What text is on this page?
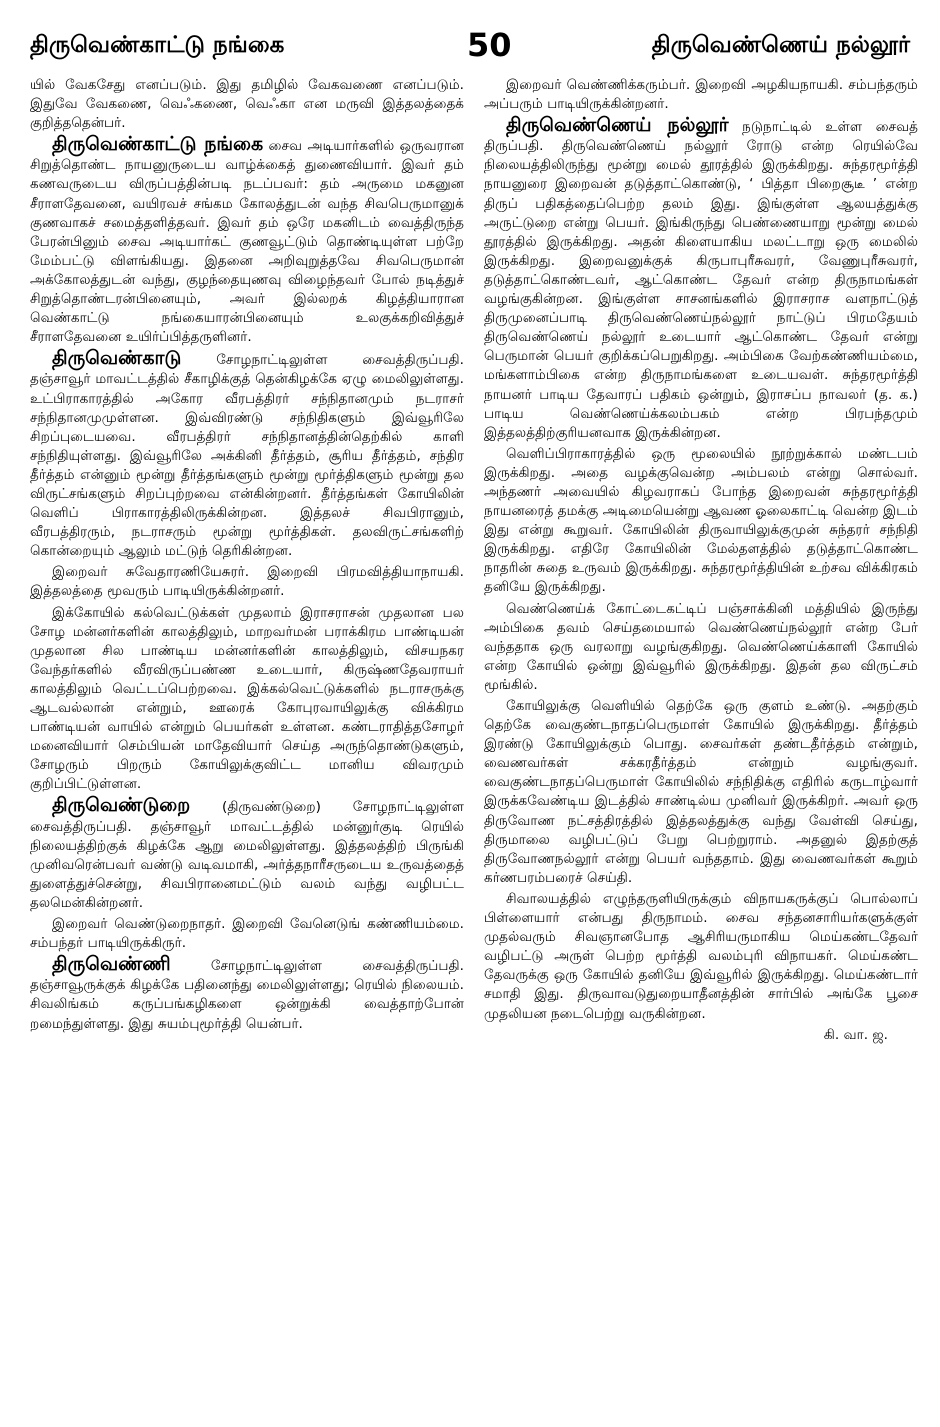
திருவெண்காட்டு நங்கை	50	திருவெண்ணெய் நல்லூர்

யில் வேகசேது எனப்படும். இது தமிழில் வேகவணை எனப்படும். இதுவே வேகணை, வெஃகணை, வெஃகா என மருவி இத்தலத்தைக் குறித்ததென்பர்.

திருவெண்காட்டு நங்கை சைவ அடியார்களில் ஒருவரான சிறுத்தொண்ட நாயனுருடைய வாழ்க்கைத் துணைவியார். இவர் தம் கணவருடைய விருப்பத்தின்படி நடப்பவர்: தம் அருமை மகனுன சீராளதேவனை, வயிரவச் சங்கம கோலத்துடன் வந்த சிவபெருமானுக் குணவாகச் சமைத்தளித்தவர். இவர் தம் ஒரே மகனிடம் வைத்திருந்த பேரன்பினும் சைவ அடியார்கட் குணவூட்டும் தொண்டியுள்ள பற்றே மேம்பட்டு விளங்கியது. இதனை அறிவுறுத்தவே சிவபெருமான் அக்கோலத்துடன் வந்து, குழந்தையுணவு விழைந்தவர் போல் நடித்துச் சிறுத்தொண்டரன்பினையும், அவர் இல்லறக் கிழத்தியாரான வெண்காட்டு நங்கையாரன்பினையும் உலகுக்கறிவித்துச் சீராளதேவனை உயிர்ப்பித்தருளினர்.

திருவெண்காடு சோழநாட்டிலுள்ள சைவத்திருப்பதி. தஞ்சாவூர் மாவட்டத்தில் சீகாழிக்குத் தென்கிழக்கே ஏழு மைலிலுள்ளது. உட்பிராகாரத்தில் அகோர வீரபத்திரர் சந்நிதானமும் நடராசர் சந்நிதானமுமுள்ளன. இவ்விரண்டு சந்நிதிகளும் இவ்வூரிலே சிறப்புடையவை. வீரபத்திரர் சந்நிதானத்தின்தெற்கில் காளி சந்நிதியுள்ளது. இவ்வூரிலே அக்கினி தீர்த்தம், சூரிய தீர்த்தம், சந்திர தீர்த்தம் என்னும் மூன்று தீர்த்தங்களும் மூன்று மூர்த்திகளும் மூன்று தல விருட்சங்களும் சிறப்புற்றவை என்கின்றனர். தீர்த்தங்கள் கோயிலின் வெளிப் பிராகாரத்திலிருக்கின்றன. இத்தலச் சிவபிரானும், வீரபத்திரரும், நடராசரும் மூன்று மூர்த்திகள். தலவிருட்சங்களிற் கொன்றையும் ஆலும் மட்டுந் தெரிகின்றன.

இறைவர் சுவேதாரணியேசுரர். இறைவி பிரமவித்தியாநாயகி. இத்தலத்தை மூவரும் பாடியிருக்கின்றனர்.

இக்கோயில் கல்வெட்டுக்கள் முதலாம் இராசராசன் முதலான பல சோழ மன்னர்களின் காலத்திலும், மாறவர்மன் பராக்கிரம பாண்டியன் முதலான சில பாண்டிய மன்னர்களின் காலத்திலும், விசயநகர வேந்தர்களில் வீரவிருப்பண்ண உடையார், கிருஷ்ணதேவராயர் காலத்திலும் வெட்டப்பெற்றவை. இக்கல்வெட்டுக்களில் நடராசருக்கு ஆடவல்லான் என்றும், ஊரைக் கோபுரவாயிலுக்கு விக்கிரம பாண்டியன் வாயில் என்றும் பெயர்கள் உள்ளன. கண்டராதித்தசோழர் மனைவியார் செம்பியன் மாதேவியார் செய்த அருந்தொண்டுகளும், சோழரும் பிறரும் கோயிலுக்குவிட்ட மானிய விவரமும் குறிப்பிட்டுள்ளன.

திருவெண்டுறை (திருவண்டுறை) சோழநாட்டிலுள்ள சைவத்திருப்பதி. தஞ்சாவூர் மாவட்டத்தில் மன்னுர்குடி ரெயில் நிலையத்திற்குக் கிழக்கே ஆறு மைலிலுள்ளது. இத்தலத்திற் பிருங்கி முனிவரென்பவர் வண்டு வடிவமாகி, அர்த்தநாரீசருடைய உருவத்தைத் துளைத்துச்சென்று, சிவபிரானைமட்டும் வலம் வந்து வழிபட்ட தலமென்கின்றனர்.

இறைவர் வெண்டுறைநாதர். இறைவி வேனெடுங் கண்ணியம்மை. சம்பந்தர் பாடியிருக்கிருர்.

திருவெண்ணி சோழநாட்டிலுள்ள சைவத்திருப்பதி. தஞ்சாவூருக்குக் கிழக்கே பதினைந்து மைலிலுள்ளது; ரெயில் நிலையம். சிவலிங்கம் கருப்பங்கழிகளை ஒன்றுக்கி வைத்தாற்போன் றமைந்துள்ளது. இது சுயம்புமூர்த்தி யென்பர்.

இறைவர் வெண்ணிக்கரும்பர். இறைவி அழகியநாயகி. சம்பந்தரும் அப்பரும் பாடியிருக்கின்றனர்.

திருவெண்ணெய் நல்லூர் நடுநாட்டில் உள்ள சைவத் திருப்பதி. திருவெண்ணெய் நல்லூர் ரோடு என்ற ரெயில்வே நிலையத்திலிருந்து மூன்று மைல் தூரத்தில் இருக்கிறது. சுந்தரமூர்த்தி நாயனுரை இறைவன் தடுத்தாட்கொண்டு, ‘ பித்தா பிறைசூடீ ’ என்ற திருப் பதிகத்தைப்பெற்ற தலம் இது. இங்குள்ள ஆலயத்துக்கு அருட்டுறை என்று பெயர். இங்கிருந்து பெண்ணையாறு மூன்று மைல் தூரத்தில் இருக்கிறது. அதன் கிளையாகிய மலட்டாறு ஒரு மைலில் இருக்கிறது. இறைவனுக்குக் கிருபாபுரீசுவரர், வேணுபுரீசுவரர், தடுத்தாட்கொண்டவர், ஆட்கொண்ட தேவர் என்ற திருநாமங்கள் வழங்குகின்றன. இங்குள்ள சாசனங்களில் இராசராச வளநாட்டுத் திருமுனைப்பாடி திருவெண்ணெய்நல்லூர் நாட்டுப் பிரமதேயம் திருவெண்ணெய் நல்லூர் உடையார் ஆட்கொண்ட தேவர் என்று பெருமான் பெயர் குறிக்கப்பெறுகிறது. அம்பிகை வேற்கண்ணியம்மை, மங்களாம்பிகை என்ற திருநாமங்களை உடையவள். சுந்தரமூர்த்தி நாயனர் பாடிய தேவாரப் பதிகம் ஒன்றும், இராசப்ப நாவலர் (த. க.) பாடிய வெண்ணெய்க்கலம்பகம் என்ற பிரபந்தமும் இத்தலத்திற்குரியனவாக இருக்கின்றன.

வெளிப்பிராகாரத்தில் ஒரு மூலையில் நூற்றுக்கால் மண்டபம் இருக்கிறது. அதை வழக்குவென்ற அம்பலம் என்று சொல்வர். அந்தணர் அவையில் கிழவராகப் போந்த இறைவன் சுந்தரமூர்த்தி நாயனரைத் தமக்கு அடிமையென்று ஆவண ஓலைகாட்டி வென்ற இடம் இது என்று கூறுவர். கோயிலின் திருவாயிலுக்குமுன் சுந்தரர் சந்நிதி இருக்கிறது. எதிரே கோயிலின் மேல்தளத்தில் தடுத்தாட்கொண்ட நாதரின் சுதை உருவம் இருக்கிறது. சுந்தரமூர்த்தியின் உற்சவ விக்கிரகம் தனியே இருக்கிறது.

வெண்ணெய்க் கோட்டைகட்டிப் பஞ்சாக்கினி மத்தியில் இருந்து அம்பிகை தவம் செய்தமையால் வெண்ணெய்நல்லூர் என்ற பேர் வந்ததாக ஒரு வரலாறு வழங்குகிறது. வெண்ணெய்க்காளி கோயில் என்ற கோயில் ஒன்று இவ்வூரில் இருக்கிறது. இதன் தல விருட்சம் மூங்கில்.

கோயிலுக்கு வெளியில் தெற்கே ஒரு குளம் உண்டு. அதற்கும் தெற்கே வைகுண்டநாதப்பெருமாள் கோயில் இருக்கிறது. தீர்த்தம் இரண்டு கோயிலுக்கும் பொது. சைவர்கள் தண்டதீர்த்தம் என்றும், வைணவர்கள் சக்கரதீர்த்தம் என்றும் வழங்குவர். வைகுண்டநாதப்பெருமாள் கோயிலில் சந்நிதிக்கு எதிரில் கருடாழ்வார் இருக்கவேண்டிய இடத்தில் சாண்டில்ய முனிவர் இருக்கிறர். அவர் ஒரு திருவோண நட்சத்திரத்தில் இத்தலத்துக்கு வந்து வேள்வி செய்து, திருமாலை வழிபட்டுப் பேறு பெற்றுராம். அதனுல் இதற்குத் திருவோணநல்லூர் என்று பெயர் வந்ததாம். இது வைணவர்கள் கூறும் கர்ணபரம்பரைச் செய்தி.

சிவாலயத்தில் எழுந்தருளியிருக்கும் விநாயகருக்குப் பொல்லாப் பிள்ளையார் என்பது திருநாமம். சைவ சந்தனசாரியர்களுக்குள் முதல்வரும் சிவஞானபோத ஆசிரியருமாகிய மெய்கண்டதேவர் வழிபட்டு அருள் பெற்ற மூர்த்தி வலம்புரி விநாயகர். மெய்கண்ட தேவருக்கு ஒரு கோயில் தனியே இவ்வூரில் இருக்கிறது. மெய்கண்டார் சமாதி இது. திருவாவடுதுறையாதீனத்தின் சார்பில் அங்கே பூசை முதலியன நடைபெற்று வருகின்றன.

கி. வா. ஜ.
